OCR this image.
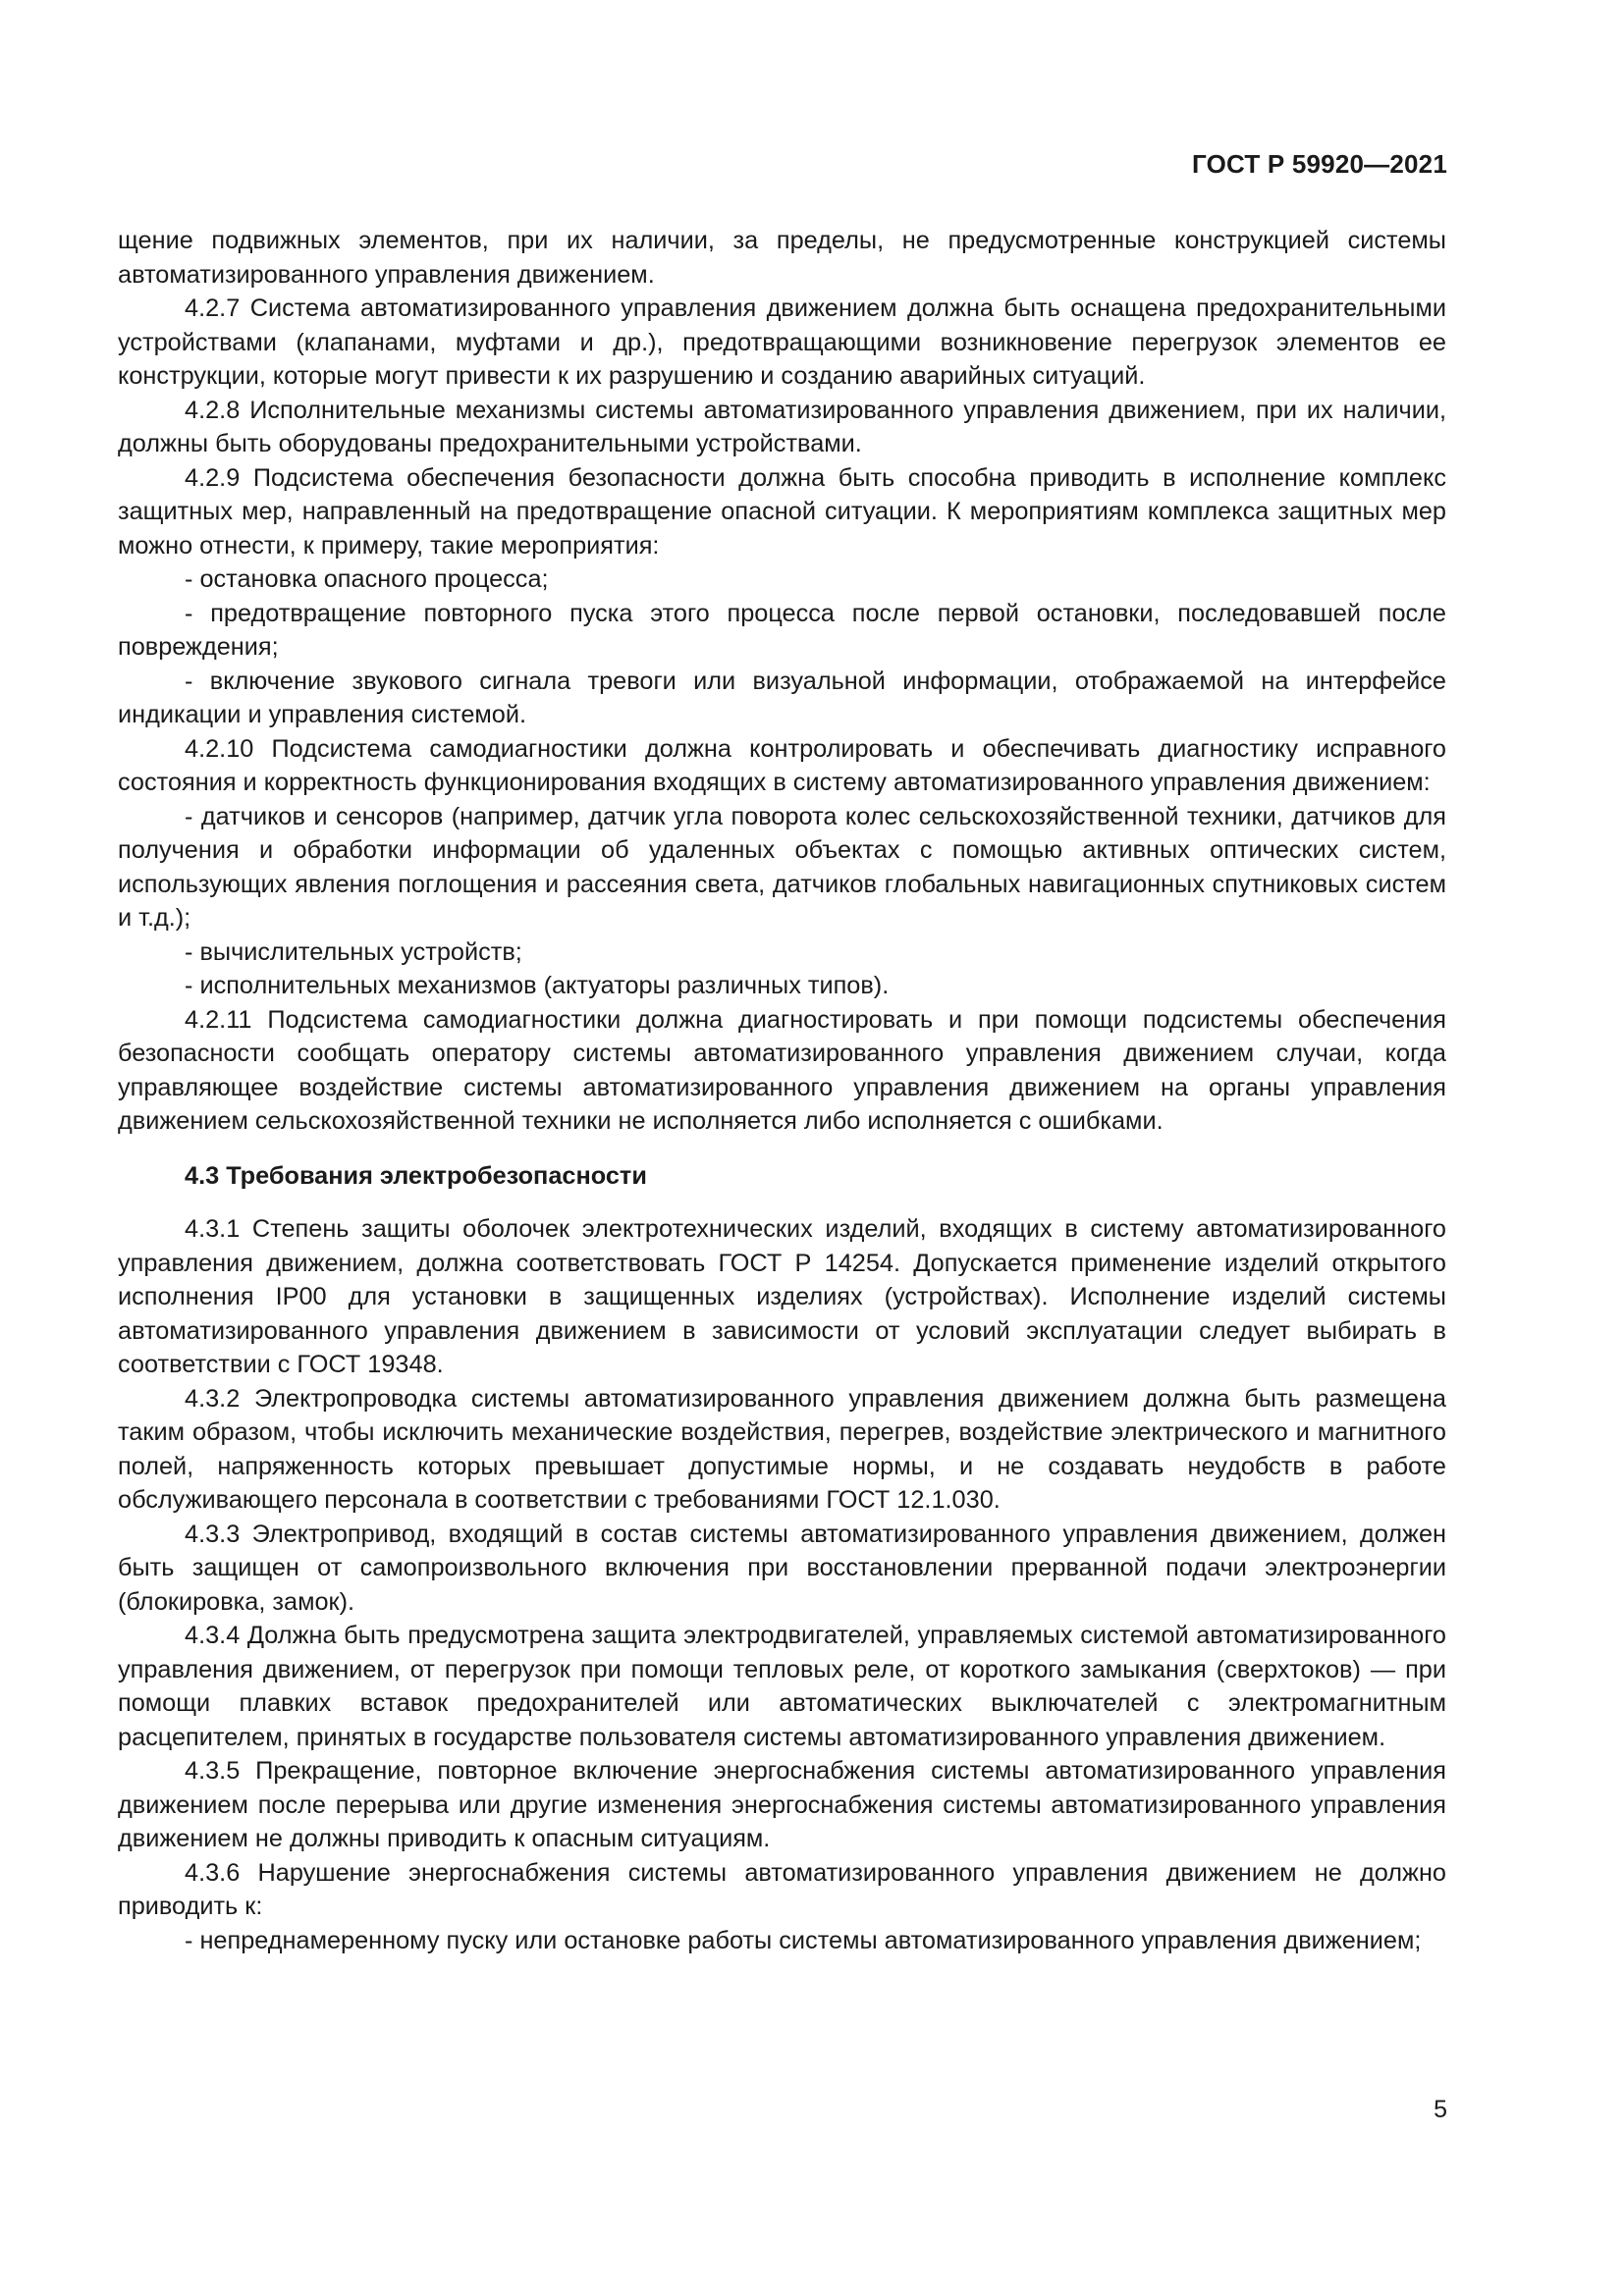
ГОСТ Р 59920—2021

щение подвижных элементов, при их наличии, за пределы, не предусмотренные конструкцией системы автоматизированного управления движением.

4.2.7 Система автоматизированного управления движением должна быть оснащена предохранительными устройствами (клапанами, муфтами и др.), предотвращающими возникновение перегрузок элементов ее конструкции, которые могут привести к их разрушению и созданию аварийных ситуаций.

4.2.8 Исполнительные механизмы системы автоматизированного управления движением, при их наличии, должны быть оборудованы предохранительными устройствами.

4.2.9 Подсистема обеспечения безопасности должна быть способна приводить в исполнение комплекс защитных мер, направленный на предотвращение опасной ситуации. К мероприятиям комплекса защитных мер можно отнести, к примеру, такие мероприятия:

- остановка опасного процесса;

- предотвращение повторного пуска этого процесса после первой остановки, последовавшей после повреждения;

- включение звукового сигнала тревоги или визуальной информации, отображаемой на интерфейсе индикации и управления системой.

4.2.10 Подсистема самодиагностики должна контролировать и обеспечивать диагностику исправного состояния и корректность функционирования входящих в систему автоматизированного управления движением:

- датчиков и сенсоров (например, датчик угла поворота колес сельскохозяйственной техники, датчиков для получения и обработки информации об удаленных объектах с помощью активных оптических систем, использующих явления поглощения и рассеяния света, датчиков глобальных навигационных спутниковых систем и т.д.);

- вычислительных устройств;

- исполнительных механизмов (актуаторы различных типов).

4.2.11 Подсистема самодиагностики должна диагностировать и при помощи подсистемы обеспечения безопасности сообщать оператору системы автоматизированного управления движением случаи, когда управляющее воздействие системы автоматизированного управления движением на органы управления движением сельскохозяйственной техники не исполняется либо исполняется с ошибками.

4.3 Требования электробезопасности

4.3.1 Степень защиты оболочек электротехнических изделий, входящих в систему автоматизированного управления движением, должна соответствовать ГОСТ Р 14254. Допускается применение изделий открытого исполнения IP00 для установки в защищенных изделиях (устройствах). Исполнение изделий системы автоматизированного управления движением в зависимости от условий эксплуатации следует выбирать в соответствии с ГОСТ 19348.

4.3.2 Электропроводка системы автоматизированного управления движением должна быть размещена таким образом, чтобы исключить механические воздействия, перегрев, воздействие электрического и магнитного полей, напряженность которых превышает допустимые нормы, и не создавать неудобств в работе обслуживающего персонала в соответствии с требованиями ГОСТ 12.1.030.

4.3.3 Электропривод, входящий в состав системы автоматизированного управления движением, должен быть защищен от самопроизвольного включения при восстановлении прерванной подачи электроэнергии (блокировка, замок).

4.3.4 Должна быть предусмотрена защита электродвигателей, управляемых системой автоматизированного управления движением, от перегрузок при помощи тепловых реле, от короткого замыкания (сверхтоков) — при помощи плавких вставок предохранителей или автоматических выключателей с электромагнитным расцепителем, принятых в государстве пользователя системы автоматизированного управления движением.

4.3.5 Прекращение, повторное включение энергоснабжения системы автоматизированного управления движением после перерыва или другие изменения энергоснабжения системы автоматизированного управления движением не должны приводить к опасным ситуациям.

4.3.6 Нарушение энергоснабжения системы автоматизированного управления движением не должно приводить к:

- непреднамеренному пуску или остановке работы системы автоматизированного управления движением;

5
